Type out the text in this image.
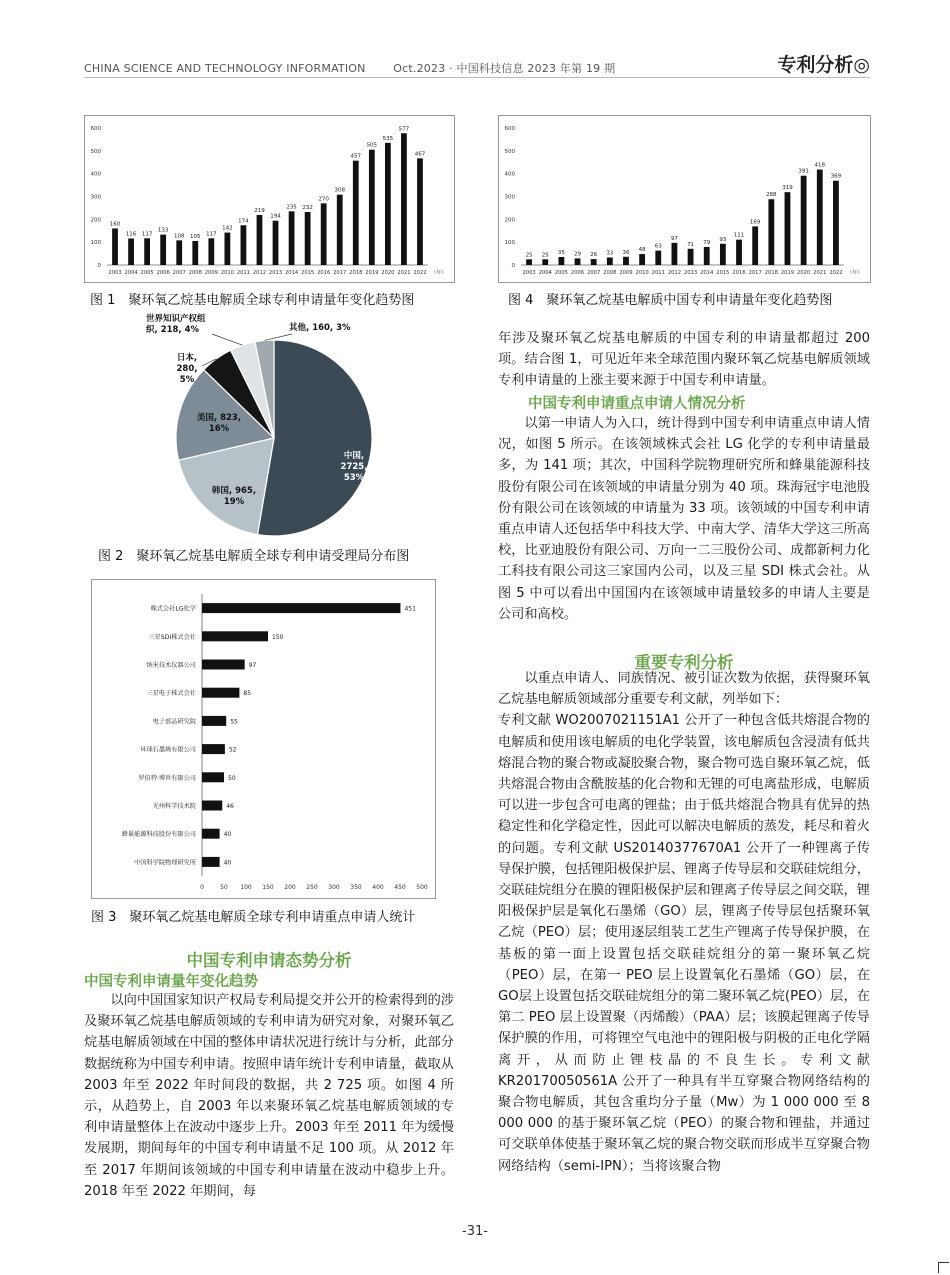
CHINA SCIENCE AND TECHNOLOGY INFORMATION	Oct.2023 · 中国科技信息 2023 年第 19 期	专利分析◎
0
100
200
300
400
500
600
160
2003
116
2004
117
2005
133
2006
108
2007
105
2008
117
2009
142
2010
174
2011
219
2012
194
2013
235
2014
232
2015
270
2016
308
2017
457
2018
505
2019
535
2020
577
2021
467
2022 （年）
图 1　聚环氧乙烷基电解质全球专利申请量年变化趋势图
0
100
200
300
400
500
600
25
2003
25
2004
35
2005
29
2006
26
2007
33
2008
36
2009
48
2010
63
2011
97
2012
71
2013
79
2014
93
2015
111
2016
169
2017
288
2018
319
2019
391
2020
418
2021
369
2022 （年）
图 4　聚环氧乙烷基电解质中国专利申请量年变化趋势图
中国,
2725,
53%
韩国, 965,
19%
美国, 823,
16%
日本,
280,
5%
世界知识产权组
织, 218, 4%	其他, 160, 3%
图 2　聚环氧乙烷基电解质全球专利申请受理局分布图
0	50 100 150 200 250 300 350 400 450 500
451
株式会社LG化学
150
三星SDI株式会社
97
纳米技术仪器公司
85
三星电子株式会社
55
电子部品研究院
52
环球石墨烯有限公司
50
罗伯特·博世有限公司
46
光州科学技术院
40
蜂巢能源科技股份有限公司
40
中国科学院物理研究所
图 3　聚环氧乙烷基电解质全球专利申请重点申请人统计
中国专利申请态势分析
中国专利申请量年变化趋势

以向中国国家知识产权局专利局提交并公开的检索得到的涉及聚环氧乙烷基电解质领域的专利申请为研究对象，对聚环氧乙烷基电解质领域在中国的整体申请状况进行统计与分析，此部分数据统称为中国专利申请。按照申请年统计专利申请量，截取从 2003 年至 2022 年时间段的数据，共 2 725 项。如图 4 所示，从趋势上，自 2003 年以来聚环氧乙烷基电解质领域的专利申请量整体上在波动中逐步上升。2003 年至 2011 年为缓慢发展期，期间每年的中国专利申请量不足 100 项。从 2012 年至 2017 年期间该领域的中国专利申请量在波动中稳步上升。2018 年至 2022 年期间，每

年涉及聚环氧乙烷基电解质的中国专利的申请量都超过 200 项。结合图 1，可见近年来全球范围内聚环氧乙烷基电解质领域专利申请量的上涨主要来源于中国专利申请量。

中国专利申请重点申请人情况分析

以第一申请人为入口，统计得到中国专利申请重点申请人情况，如图 5 所示。在该领域株式会社 LG 化学的专利申请量最多，为 141 项；其次，中国科学院物理研究所和蜂巢能源科技股份有限公司在该领域的申请量分别为 40 项。珠海冠宇电池股份有限公司在该领域的申请量为 33 项。该领域的中国专利申请重点申请人还包括华中科技大学、中南大学、清华大学这三所高校，比亚迪股份有限公司、万向一二三股份公司、成都新柯力化工科技有限公司这三家国内公司，以及三星 SDI 株式会社。从图 5 中可以看出中国国内在该领域申请量较多的申请人主要是公司和高校。

重要专利分析

以重点申请人、同族情况、被引证次数为依据，获得聚环氧乙烷基电解质领域部分重要专利文献，列举如下：

专利文献 WO2007021151A1 公开了一种包含低共熔混合物的电解质和使用该电解质的电化学装置，该电解质包含浸渍有低共熔混合物的聚合物或凝胶聚合物，聚合物可选自聚环氧乙烷，低共熔混合物由含酰胺基的化合物和无锂的可电离盐形成，电解质可以进一步包含可电离的锂盐；由于低共熔混合物具有优异的热稳定性和化学稳定性，因此可以解决电解质的蒸发，耗尽和着火的问题。专利文献 US20140377670A1 公开了一种锂离子传导保护膜，包括锂阳极保护层、锂离子传导层和交联硅烷组分，交联硅烷组分在膜的锂阳极保护层和锂离子传导层之间交联，锂阳极保护层是氧化石墨烯（GO）层，锂离子传导层包括聚环氧乙烷（PEO）层；使用逐层组装工艺生产锂离子传导保护膜，在基板的第一面上设置包括交联硅烷组分的第一聚环氧乙烷（PEO）层，在第一 PEO 层上设置氧化石墨烯（GO）层，在GO层上设置包括交联硅烷组分的第二聚环氧乙烷(PEO）层，在第二 PEO 层上设置聚（丙烯酸）（PAA）层；该膜起锂离子传导保护膜的作用，可将锂空气电池中的锂阳极与阴极的正电化学隔离开，从而防止锂枝晶的不良生长。专利文献 KR20170050561A 公开了一种具有半互穿聚合物网络结构的聚合物电解质，其包含重均分子量（Mw）为 1 000 000 至 8 000 000 的基于聚环氧乙烷（PEO）的聚合物和锂盐，并通过可交联单体使基于聚环氧乙烷的聚合物交联而形成半互穿聚合物网络结构（semi-IPN）；当将该聚合物

-31-
